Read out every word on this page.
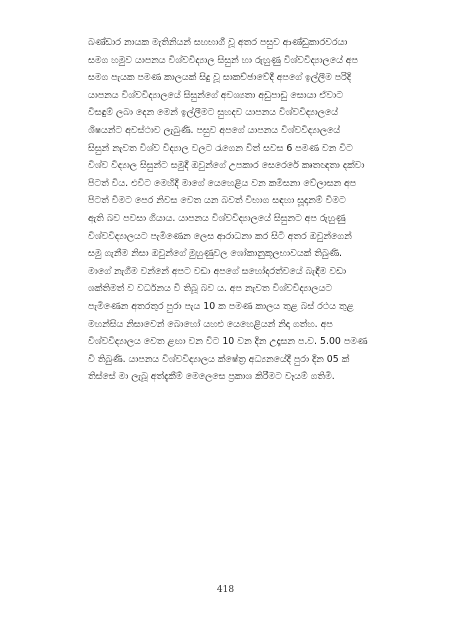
බණ්ඩාර නායක මැතිනියන් සහභාගී වූ අතර පසුව ආණ්ඩුකාරවරයා
සමග හමුව යාපනය විශ්වවිද්‍යාල සිසුන් හා රුහුණු විශ්වවිද්‍යාලයේ අප
සමග පැයක පමණ කාලයක් සිදු වූ සාකච්ඡාවේදී අපගේ ඉල්ලීම පරිදි
යාපනය විශ්වවිද්‍යාලයේ සිසුන්ගේ අවශ්‍යතා අඩුපාඩු සොයා ඒවාට
විසඳුම් ලබා දෙන මෙන් ඉල්ලීමට සුහදව යාපනය විශ්වවිද්‍යාලයේ
ශිෂයන්ට අවස්ථාව ලැබුණි. පසුව අපගේ යාපනය විශ්වවිද්‍යාලයේ
සිසුන් නැවත විශ්ව විද්‍යාල වලට රැගෙන විත් සවස 6 පමණ වන විට
විශ්ව විද්‍යාල සිසුන්ට සමුදී ඔවුන්ගේ උපකාර සෙරෙරේ කෘතඥතා දක්වා
පිටත් විය. එවිට මෙහිදී මාගේ යෙහෙළිය වන කමිසනා වේලාසන අප
පිටත් වීමට පෙර නිවස වෙත යන බවත් විභාග සඳහා සූදානම් වීමට
ඇති බව පවසා ගියාය. යාපනය විශ්වවිද්‍යාලයේ සිසුනට අප රුහුණු
විශ්වවිද්‍යාලයට පැමිණෙන ලෙස ආරාධනා කර සිටි අතර ඔවුන්ගෙන්
සමු ගැනීම නිසා ඔවුන්ගේ මුහුණුවල ශෝකානුකූලභාවයක් තිබුණි.
මාගේ නැගීම වන්නේ අපට වඩා අපගේ සහෝදරත්වයේ බැඳීම වඩා
ශක්තිමත් ව වර්ධනය වී තිබූ බව ය. අප නැවත විශ්වවිද්‍යාලයට
පැමිණෙන අතරතුර පුරා පැය 10 ක පමණ කාලය තුළ බස් රථය තුළ
මහන්සිය නිසාවෙන් බොහෝ යහළු යෙහෙළියන් නිදා ගත්හ. අප
විශ්වවිද්‍යාලය වෙත ළඟා වන විට 10 වන දින උදෑසන ප.ව. 5.00 පමණ
වී තිබුණි. යාපනය විශ්වවිද්‍යාලය ක්ෂේත්‍ර අධ්‍යනයේදී පුරා දින 05 ක්
තිස්සේ මා ලැබූ අත්දැකීම් මෙලෙසෙ ප්‍රකාශ කිරීමට වෑයම් ගතිමි.
418
